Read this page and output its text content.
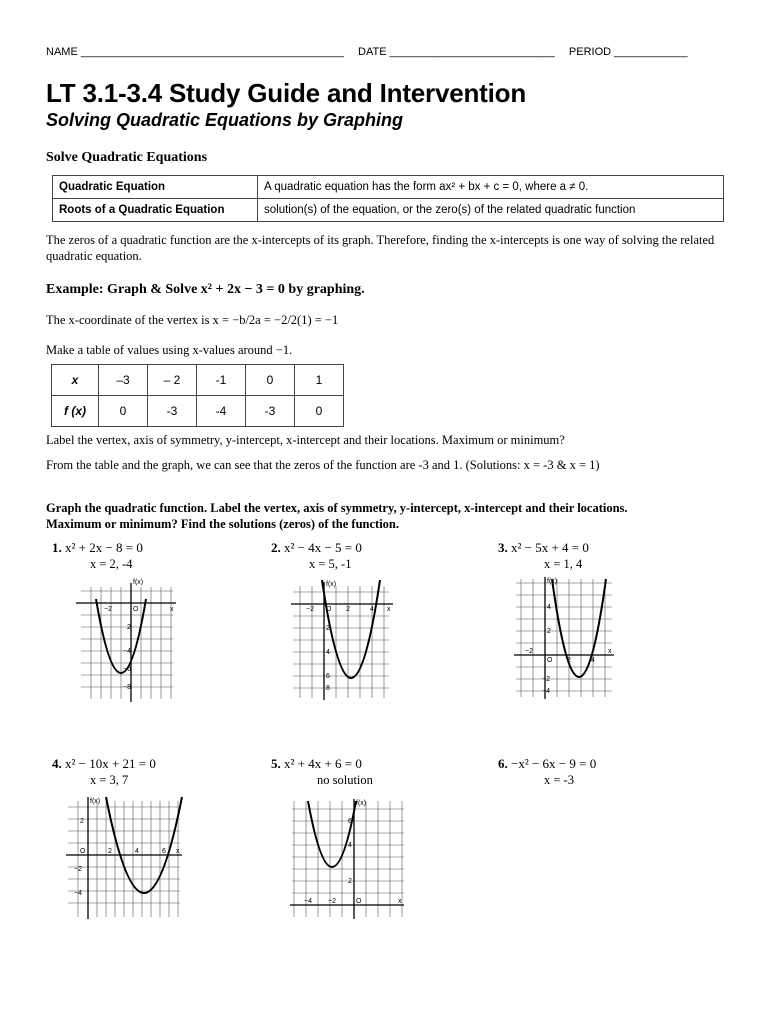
NAME ___________________________________________ DATE ___________________________ PERIOD ____________
LT 3.1-3.4 Study Guide and Intervention
Solving Quadratic Equations by Graphing
Solve Quadratic Equations
Quadratic Equation	A quadratic equation has the form ax² + bx + c = 0, where a ≠ 0.
Roots of a Quadratic Equation	solution(s) of the equation, or the zero(s) of the related quadratic function
The zeros of a quadratic function are the x-intercepts of its graph. Therefore, finding the x-intercepts is one way of solving the related quadratic equation.
Example: Graph & Solve x² + 2x − 3 = 0 by graphing.
The x-coordinate of the vertex is x = −b/2a = −2/2(1) = −1
Make a table of values using x-values around −1.
x	–3	– 2	-1	0	1
f (x)	0	-3	-4	-3	0
Label the vertex, axis of symmetry, y-intercept, x-intercept and their locations. Maximum or minimum?
From the table and the graph, we can see that the zeros of the function are -3 and 1. (Solutions: x = -3 & x = 1)
Graph the quadratic function. Label the vertex, axis of symmetry, y-intercept, x-intercept and their locations.
Maximum or minimum? Find the solutions (zeros) of the function.
1. x² + 2x − 8 = 0
x = 2, -4
2. x² − 4x − 5 = 0
x = 5, -1
3. x² − 5x + 4 = 0
x = 1, 4
4. x² − 10x + 21 = 0
x = 3, 7
5. x² + 4x + 6 = 0
no solution
6. −x² − 6x − 9 = 0
x = -3
f(x)
x
O
−2
2
−4
−6
−8
f(x)
x
O
−2	2	4
2
4
6
8
f(x)
x
O
−2
2	4
4
2
−2
−4
f(x)
x
O	2	4	6
2
−2
−4
f(x)
x
O
−4 −2
6
4
2
